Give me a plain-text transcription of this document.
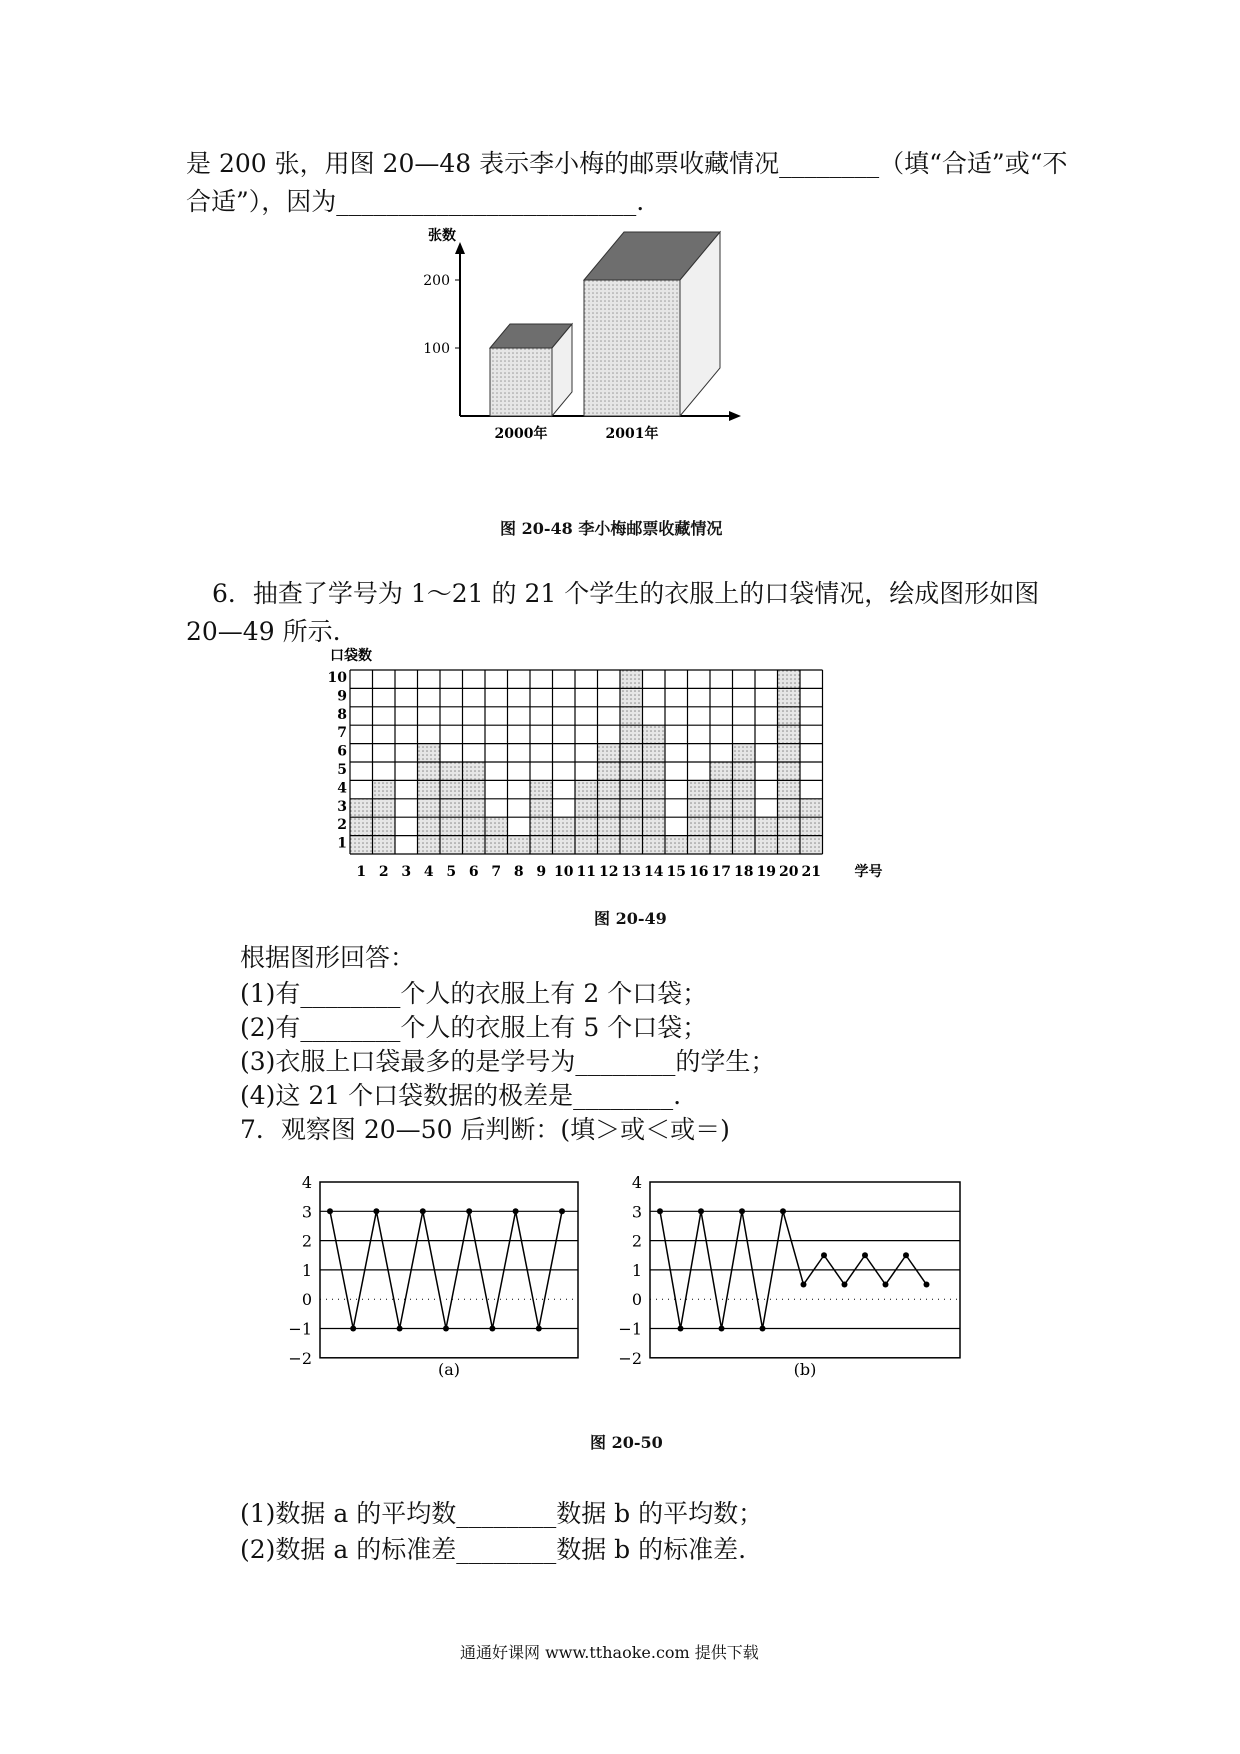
是 200 张，用图 20—48 表示李小梅的邮票收藏情况________（填“合适”或“不
合适”），因为________________________.
张数
100
200
2000年	2001年
图 20-48 李小梅邮票收藏情况
6．抽查了学号为 1～21 的 21 个学生的衣服上的口袋情况，绘成图形如图
20—49 所示.
口袋数
1
2
3
4
5
6
7
8
9
10
1 2 3 4 5 6 7 8 9 10 11 12 13 14 15 16 17 18 19 20 21 学号
图 20-49
根据图形回答：
(1)有________个人的衣服上有 2 个口袋；
(2)有________个人的衣服上有 5 个口袋；
(3)衣服上口袋最多的是学号为________的学生；
(4)这 21 个口袋数据的极差是________.
7．观察图 20—50 后判断：(填＞或＜或＝)
−2
−1
0
1
2
3
4
(a)
−2
−1
0
1
2
3
4
(b)
图 20-50
(1)数据 a 的平均数________数据 b 的平均数；
(2)数据 a 的标准差________数据 b 的标准差.
通通好课网 www.tthaoke.com 提供下载
